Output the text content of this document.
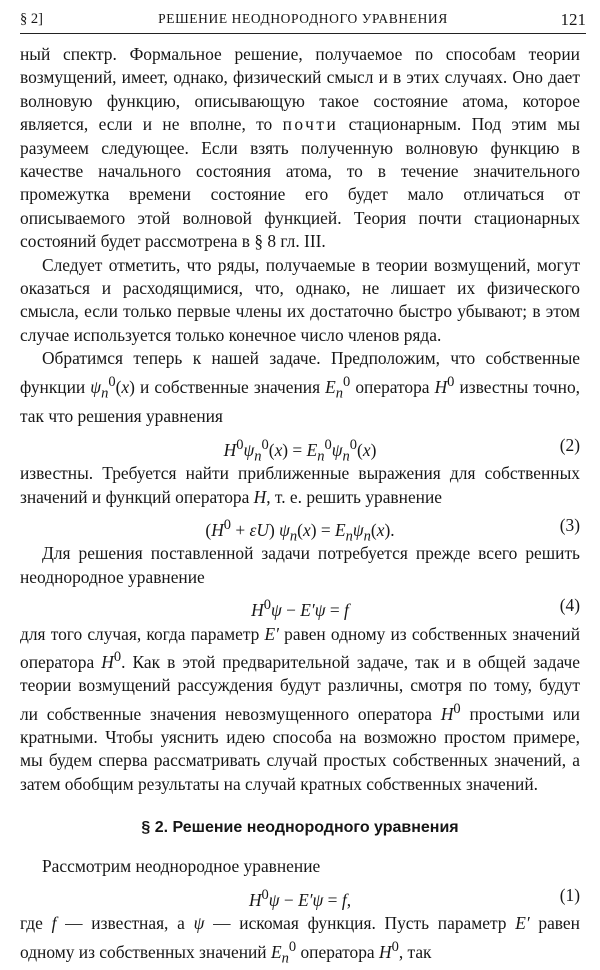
§ 2]	РЕШЕНИЕ НЕОДНОРОДНОГО УРАВНЕНИЯ	121

ный спектр. Формальное решение, получаемое по способам теории возмущений, имеет, однако, физический смысл и в этих случаях. Оно дает волновую функцию, описывающую такое состояние атома, которое является, если и не вполне, то почти стационарным. Под этим мы разумеем следующее. Если взять полученную волновую функцию в качестве начального состояния атома, то в течение значительного промежутка времени состояние его будет мало отличаться от описываемого этой волновой функцией. Теория почти стационарных состояний будет рассмотрена в § 8 гл. III.

Следует отметить, что ряды, получаемые в теории возмущений, могут оказаться и расходящимися, что, однако, не лишает их физического смысла, если только первые члены их достаточно быстро убывают; в этом случае используется только конечное число членов ряда.

Обратимся теперь к нашей задаче. Предположим, что собственные функции $\psi_n^0(x)$ и собственные значения $E_n^0$ оператора $H^0$ известны точно, так что решения уравнения

$H^0\psi_n^0(x) = E_n^0\psi_n^0(x)$	(2)

известны. Требуется найти приближенные выражения для собственных значений и функций оператора H, т. е. решить уравнение

$(H^0 + \varepsilon U) \psi_n(x) = E_n\psi_n(x)$.	(3)

Для решения поставленной задачи потребуется прежде всего решить неоднородное уравнение

$H^0\psi - E'\psi = f$	(4)

для того случая, когда параметр E′ равен одному из собственных значений оператора $H^0$. Как в этой предварительной задаче, так и в общей задаче теории возмущений рассуждения будут различны, смотря по тому, будут ли собственные значения невозмущенного оператора $H^0$ простыми или кратными. Чтобы уяснить идею способа на возможно простом примере, мы будем сперва рассматривать случай простых собственных значений, а затем обобщим результаты на случай кратных собственных значений.

§ 2. Решение неоднородного уравнения

Рассмотрим неоднородное уравнение

$H^0\psi - E'\psi = f$,	(1)

где f — известная, а ψ — искомая функция. Пусть параметр E′ равен одному из собственных значений $E_n^0$ оператора $H^0$, так
